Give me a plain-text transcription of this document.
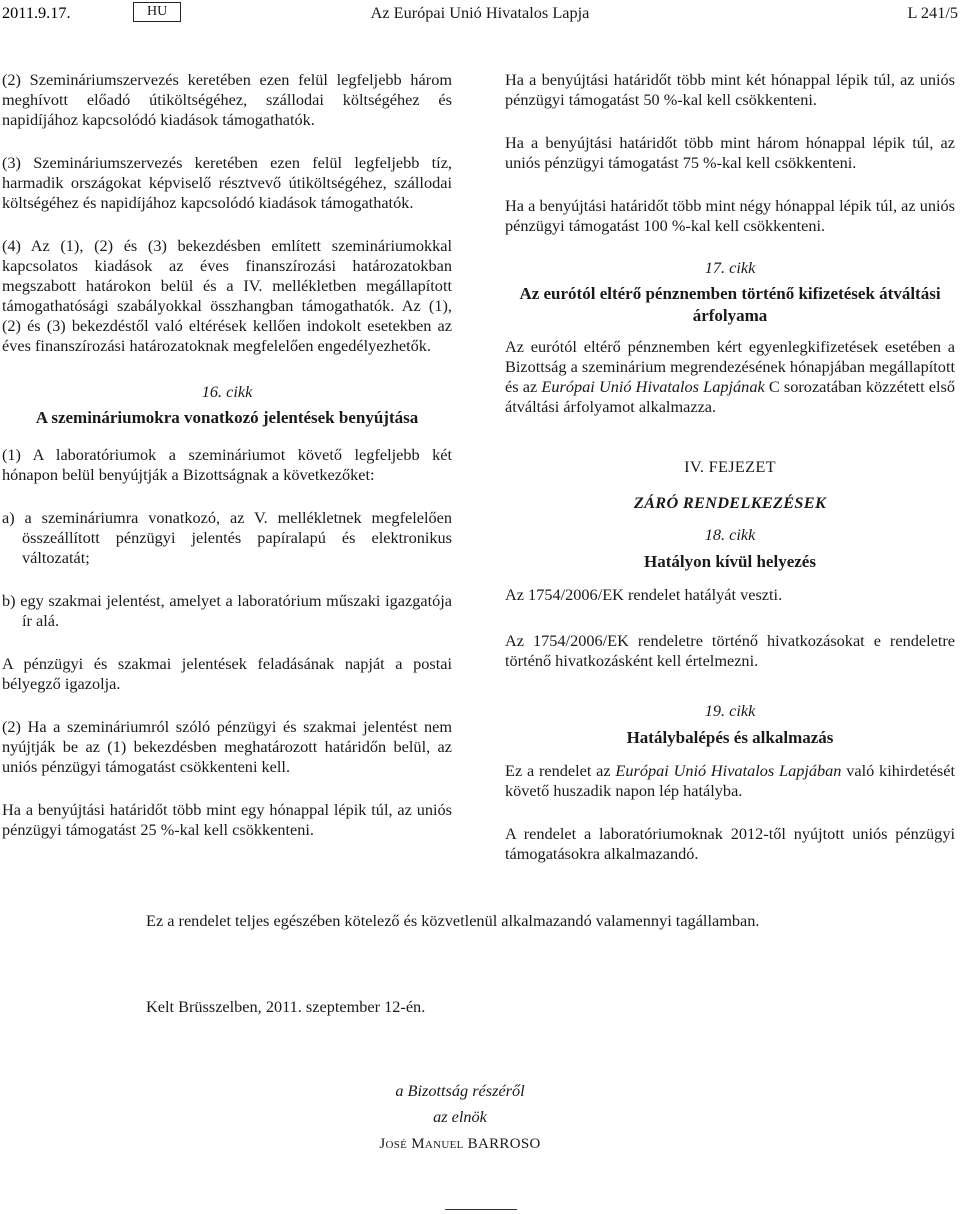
2011.9.17.	HU	Az Európai Unió Hivatalos Lapja	L 241/5

(2) Szemináriumszervezés keretében ezen felül legfeljebb három meghívott előadó útiköltségéhez, szállodai költségéhez és napidíjához kapcsolódó kiadások támogathatók.

(3) Szemináriumszervezés keretében ezen felül legfeljebb tíz, harmadik országokat képviselő résztvevő útiköltségéhez, szállodai költségéhez és napidíjához kapcsolódó kiadások támogathatók.

(4) Az (1), (2) és (3) bekezdésben említett szemináriumokkal kapcsolatos kiadások az éves finanszírozási határozatokban megszabott határokon belül és a IV. mellékletben megállapított támogathatósági szabályokkal összhangban támogathatók. Az (1), (2) és (3) bekezdéstől való eltérések kellően indokolt esetekben az éves finanszírozási határozatoknak megfelelően engedélyezhetők.

16. cikk

A szemináriumokra vonatkozó jelentések benyújtása

(1) A laboratóriumok a szemináriumot követő legfeljebb két hónapon belül benyújtják a Bizottságnak a következőket:

a) a szemináriumra vonatkozó, az V. mellékletnek megfelelően összeállított pénzügyi jelentés papíralapú és elektronikus változatát;

b) egy szakmai jelentést, amelyet a laboratórium műszaki igazgatója ír alá.

A pénzügyi és szakmai jelentések feladásának napját a postai bélyegző igazolja.

(2) Ha a szemináriumról szóló pénzügyi és szakmai jelentést nem nyújtják be az (1) bekezdésben meghatározott határidőn belül, az uniós pénzügyi támogatást csökkenteni kell.

Ha a benyújtási határidőt több mint egy hónappal lépik túl, az uniós pénzügyi támogatást 25 %-kal kell csökkenteni.

Ha a benyújtási határidőt több mint két hónappal lépik túl, az uniós pénzügyi támogatást 50 %-kal kell csökkenteni.

Ha a benyújtási határidőt több mint három hónappal lépik túl, az uniós pénzügyi támogatást 75 %-kal kell csökkenteni.

Ha a benyújtási határidőt több mint négy hónappal lépik túl, az uniós pénzügyi támogatást 100 %-kal kell csökkenteni.

17. cikk

Az eurótól eltérő pénznemben történő kifizetések átváltási árfolyama

Az eurótól eltérő pénznemben kért egyenlegkifizetések esetében a Bizottság a szeminárium megrendezésének hónapjában megállapított és az Európai Unió Hivatalos Lapjának C sorozatában közzétett első átváltási árfolyamot alkalmazza.

IV. FEJEZET

ZÁRÓ RENDELKEZÉSEK

18. cikk

Hatályon kívül helyezés

Az 1754/2006/EK rendelet hatályát veszti.

Az 1754/2006/EK rendeletre történő hivatkozásokat e rendeletre történő hivatkozásként kell értelmezni.

19. cikk

Hatálybalépés és alkalmazás

Ez a rendelet az Európai Unió Hivatalos Lapjában való kihirdetését követő huszadik napon lép hatályba.

A rendelet a laboratóriumoknak 2012-től nyújtott uniós pénzügyi támogatásokra alkalmazandó.

Ez a rendelet teljes egészében kötelező és közvetlenül alkalmazandó valamennyi tagállamban.

Kelt Brüsszelben, 2011. szeptember 12-én.

a Bizottság részéről

az elnök

José Manuel BARROSO
